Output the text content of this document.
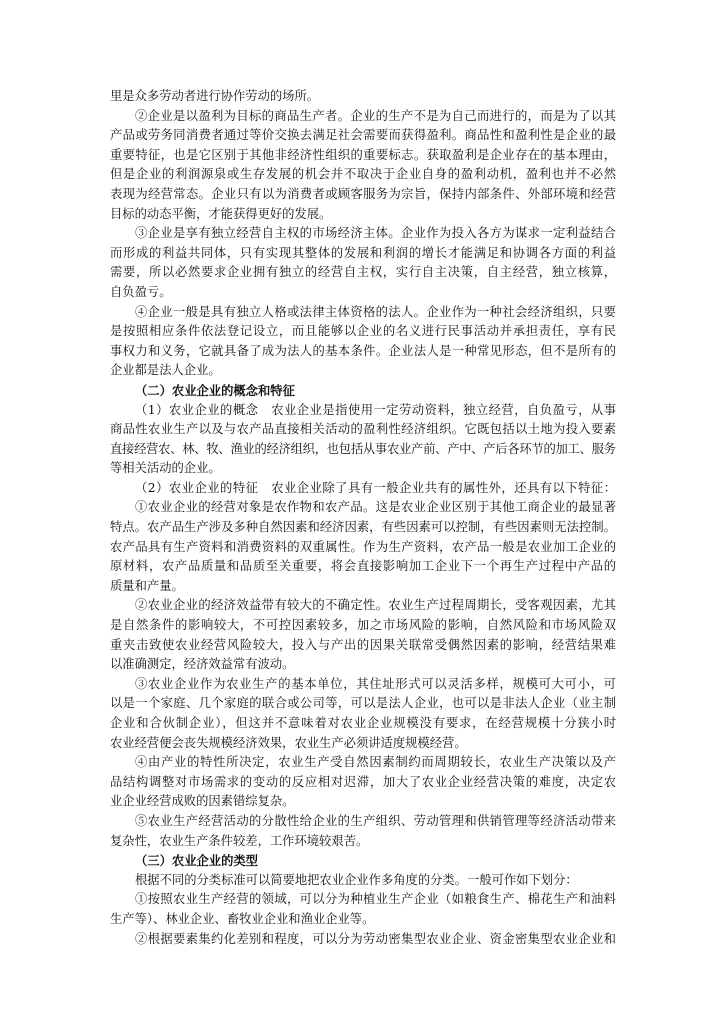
里是众多劳动者进行协作劳动的场所。
②企业是以盈利为目标的商品生产者。企业的生产不是为自己而进行的，而是为了以其
产品或劳务同消费者通过等价交换去满足社会需要而获得盈利。商品性和盈利性是企业的最
重要特征，也是它区别于其他非经济性组织的重要标志。获取盈利是企业存在的基本理由，
但是企业的利润源泉或生存发展的机会并不取决于企业自身的盈利动机，盈利也并不必然
表现为经营常态。企业只有以为消费者或顾客服务为宗旨，保持内部条件、外部环境和经营
目标的动态平衡，才能获得更好的发展。
③企业是享有独立经营自主权的市场经济主体。企业作为投入各方为谋求一定利益结合
而形成的利益共同体，只有实现其整体的发展和利润的增长才能满足和协调各方面的利益
需要，所以必然要求企业拥有独立的经营自主权，实行自主决策，自主经营，独立核算，
自负盈亏。
④企业一般是具有独立人格或法律主体资格的法人。企业作为一种社会经济组织，只要
是按照相应条件依法登记设立，而且能够以企业的名义进行民事活动并承担责任，享有民
事权力和义务，它就具备了成为法人的基本条件。企业法人是一种常见形态，但不是所有的
企业都是法人企业。
（二）农业企业的概念和特征
（1）农业企业的概念　农业企业是指使用一定劳动资料，独立经营，自负盈亏，从事
商品性农业生产以及与农产品直接相关活动的盈利性经济组织。它既包括以土地为投入要素
直接经营农、林、牧、渔业的经济组织，也包括从事农业产前、产中、产后各环节的加工、服务
等相关活动的企业。
（2）农业企业的特征　农业企业除了具有一般企业共有的属性外，还具有以下特征：
①农业企业的经营对象是农作物和农产品。这是农业企业区别于其他工商企业的最显著
特点。农产品生产涉及多种自然因素和经济因素，有些因素可以控制，有些因素则无法控制。
农产品具有生产资料和消费资料的双重属性。作为生产资料，农产品一般是农业加工企业的
原材料，农产品质量和品质至关重要，将会直接影响加工企业下一个再生产过程中产品的
质量和产量。
②农业企业的经济效益带有较大的不确定性。农业生产过程周期长，受客观因素，尤其
是自然条件的影响较大，不可控因素较多，加之市场风险的影响，自然风险和市场风险双
重夹击致使农业经营风险较大，投入与产出的因果关联常受偶然因素的影响，经营结果难
以准确测定，经济效益常有波动。
③农业企业作为农业生产的基本单位，其住址形式可以灵活多样，规模可大可小，可
以是一个家庭、几个家庭的联合或公司等，可以是法人企业，也可以是非法人企业（业主制
企业和合伙制企业），但这并不意味着对农业企业规模没有要求，在经营规模十分狭小时
农业经营便会丧失规模经济效果，农业生产必须讲适度规模经营。
④由产业的特性所决定，农业生产受自然因素制约而周期较长，农业生产决策以及产
品结构调整对市场需求的变动的反应相对迟滞，加大了农业企业经营决策的难度，决定农
业企业经营成败的因素错综复杂。
⑤农业生产经营活动的分散性给企业的生产组织、劳动管理和供销管理等经济活动带来
复杂性，农业生产条件较差，工作环境较艰苦。
（三）农业企业的类型
根据不同的分类标准可以简要地把农业企业作多角度的分类。一般可作如下划分：
①按照农业生产经营的领域，可以分为种植业生产企业（如粮食生产、棉花生产和油料
生产等）、林业企业、畜牧业企业和渔业企业等。
②根据要素集约化差别和程度，可以分为劳动密集型农业企业、资金密集型农业企业和
